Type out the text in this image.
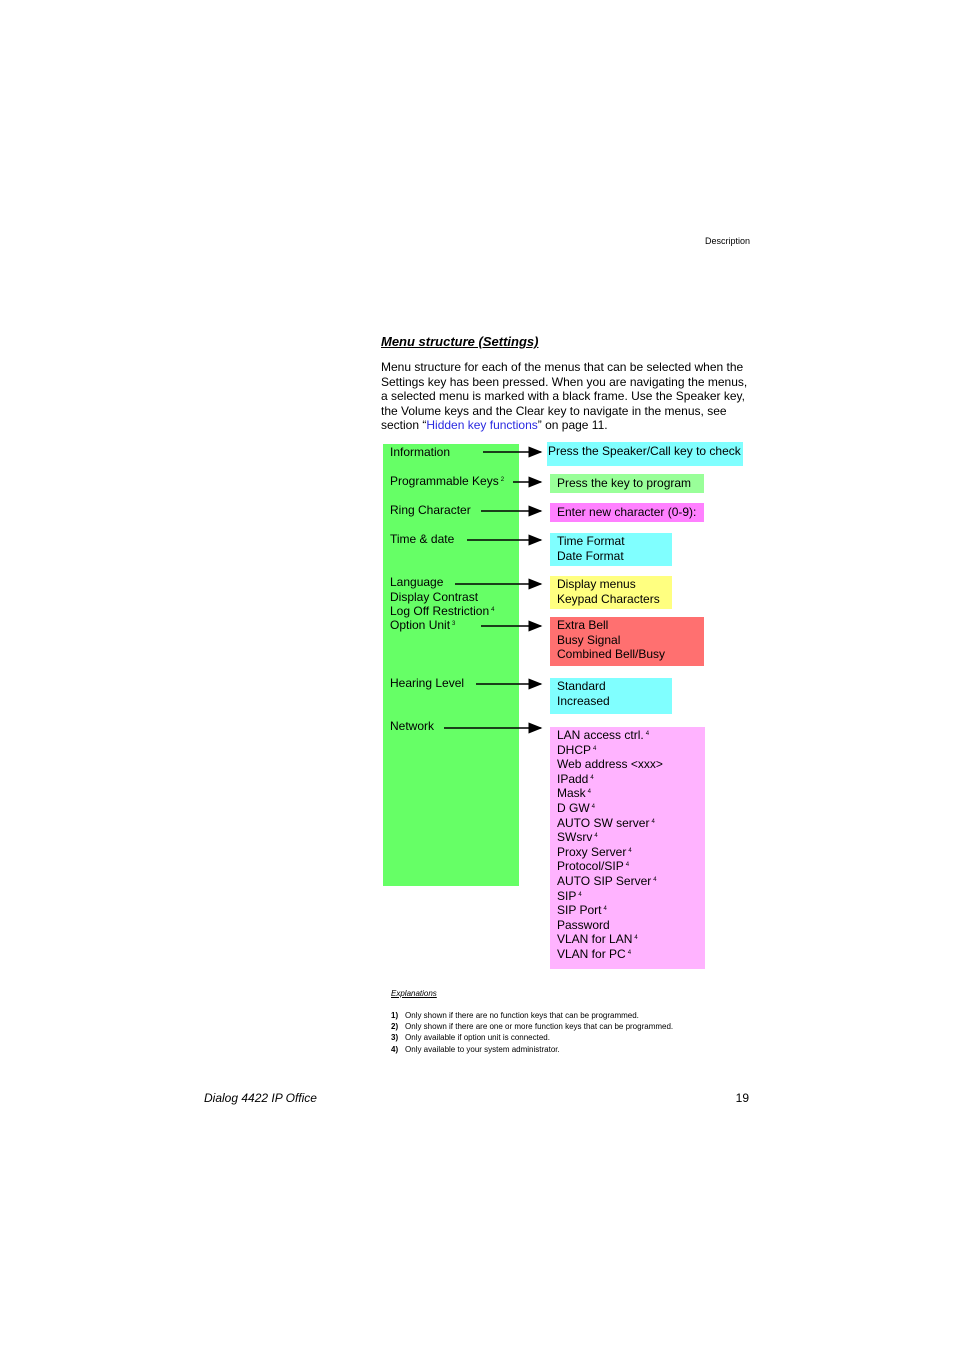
Description
Menu structure (Settings)
Menu structure for each of the menus that can be selected when the Settings key has been pressed. When you are navigating the menus, a selected menu is marked with a black frame. Use the Speaker key, the Volume keys and the Clear key to navigate in the menus, see section “Hidden key functions” on page 11.
Information
Programmable Keys $^2$
Ring Character
Time & date
Language
Display Contrast
Log Off Restriction $^4$
Option Unit $^3$
Hearing Level
Network
Press the Speaker/Call key to check
Press the key to program
Enter new character (0-9):
Time Format
Date Format
Display menus
Keypad Characters
Extra Bell
Busy Signal
Combined Bell/Busy
Standard
Increased
LAN access ctrl. $^4$
DHCP $^4$
Web address <xxx>
IPadd $^4$
Mask $^4$
D GW $^4$
AUTO SW server $^4$
SWsrv $^4$
Proxy Server $^4$
Protocol/SIP $^4$
AUTO SIP Server $^4$
SIP $^4$
SIP Port $^4$
Password
VLAN for LAN $^4$
VLAN for PC $^4$
Explanations
1) Only shown if there are no function keys that can be programmed.
2) Only shown if there are one or more function keys that can be programmed.
3) Only available if option unit is connected.
4) Only available to your system administrator.
Dialog 4422 IP Office	19
